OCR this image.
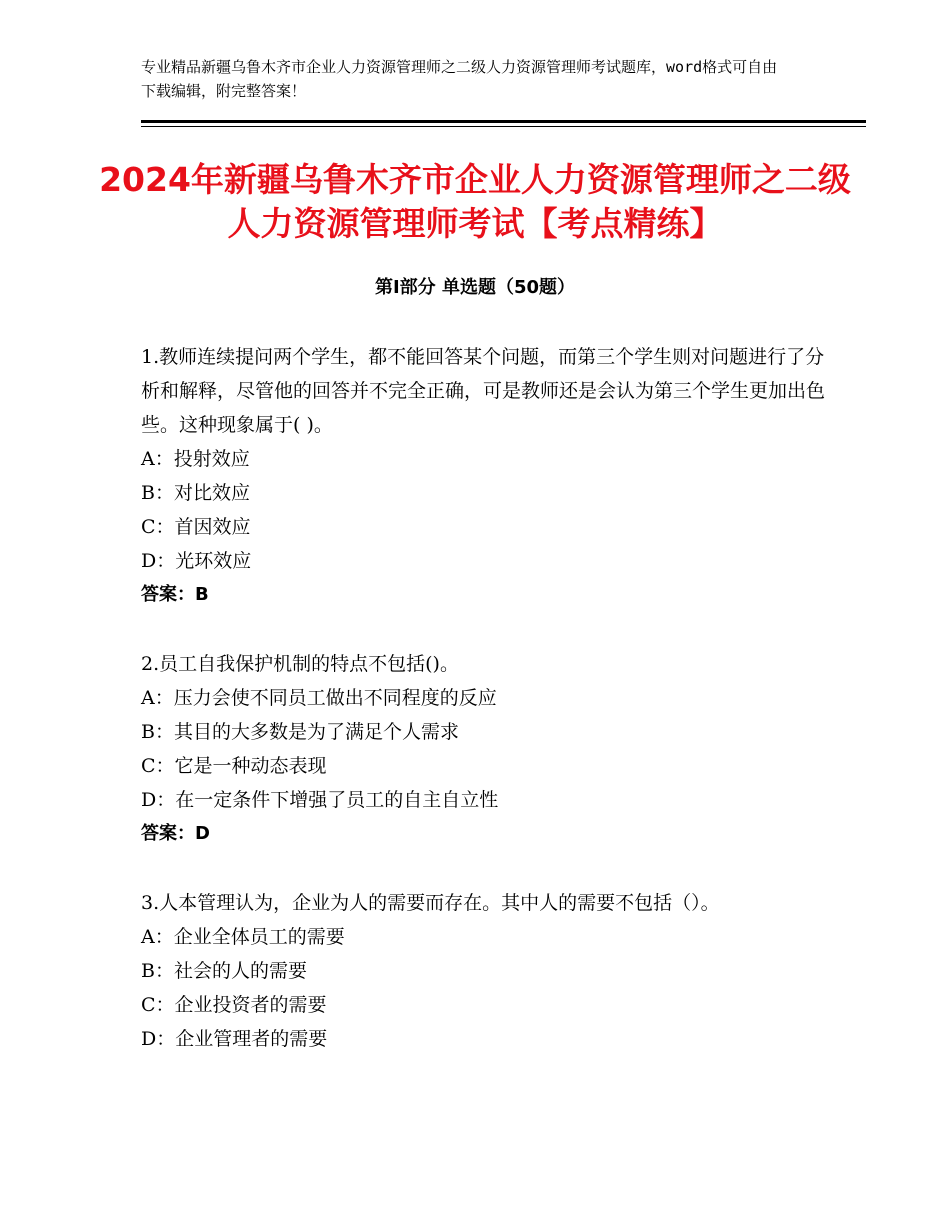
专业精品新疆乌鲁木齐市企业人力资源管理师之二级人力资源管理师考试题库，word格式可自由下载编辑，附完整答案！
2024年新疆乌鲁木齐市企业人力资源管理师之二级人力资源管理师考试【考点精练】
第Ⅰ部分 单选题（50题）

1.教师连续提问两个学生，都不能回答某个问题，而第三个学生则对问题进行了分析和解释，尽管他的回答并不完全正确，可是教师还是会认为第三个学生更加出色些。这种现象属于( )。

A：投射效应

B：对比效应

C：首因效应

D：光环效应

答案：B

2.员工自我保护机制的特点不包括()。

A：压力会使不同员工做出不同程度的反应

B：其目的大多数是为了满足个人需求

C：它是一种动态表现

D：在一定条件下增强了员工的自主自立性

答案：D

3.人本管理认为，企业为人的需要而存在。其中人的需要不包括（）。

A：企业全体员工的需要

B：社会的人的需要

C：企业投资者的需要

D：企业管理者的需要
